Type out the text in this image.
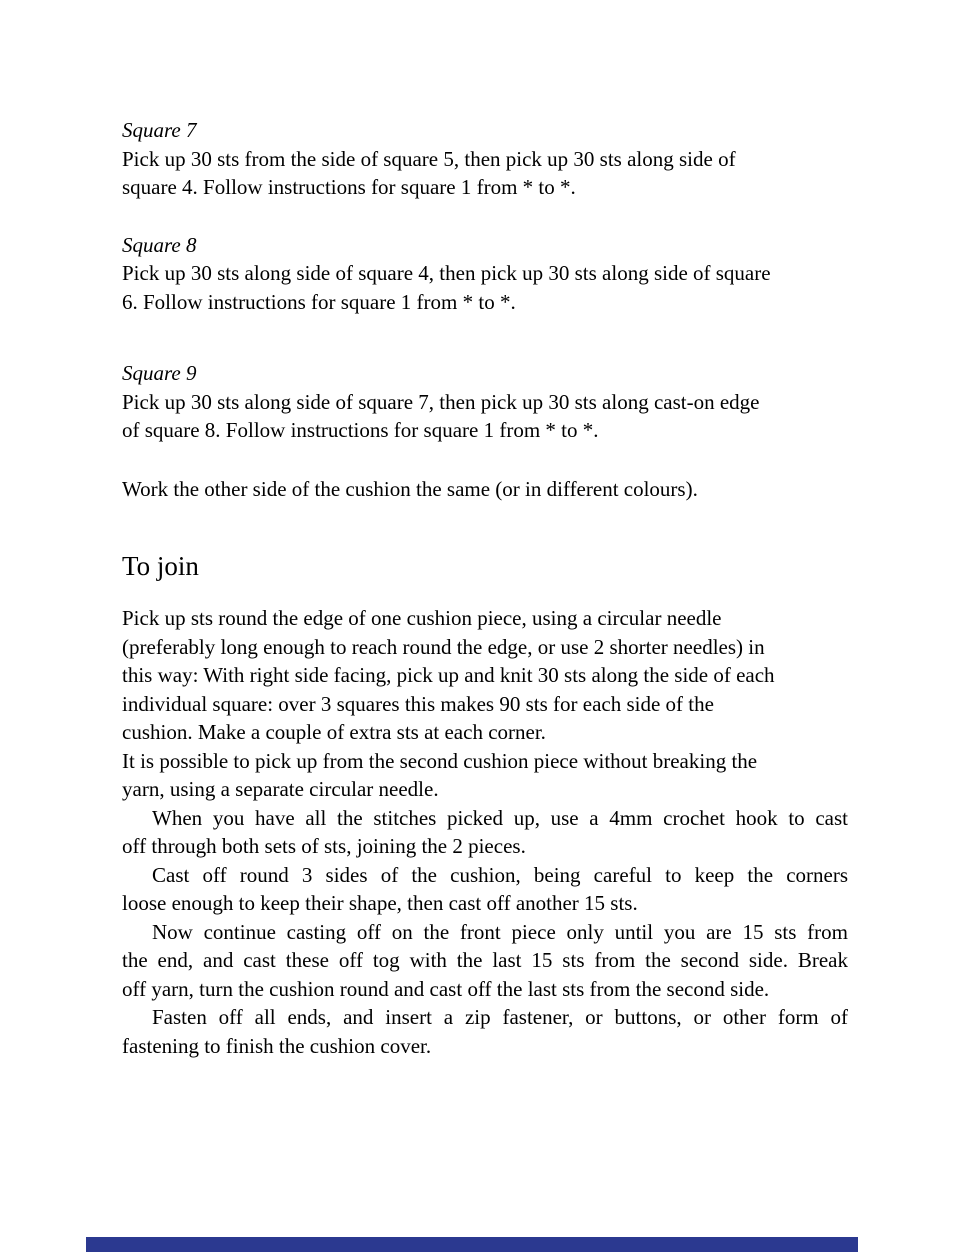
Square 7
Pick up 30 sts from the side of square 5, then pick up 30 sts along side of
square 4. Follow instructions for square 1 from * to *.
Square 8
Pick up 30 sts along side of square 4, then pick up 30 sts along side of square
6. Follow instructions for square 1 from * to *.
Square 9
Pick up 30 sts along side of square 7, then pick up 30 sts along cast-on edge
of square 8. Follow instructions for square 1 from * to *.
Work the other side of the cushion the same (or in different colours).
To join
Pick up sts round the edge of one cushion piece, using a circular needle
(preferably long enough to reach round the edge, or use 2 shorter needles) in
this way: With right side facing, pick up and knit 30 sts along the side of each
individual square: over 3 squares this makes 90 sts for each side of the
cushion. Make a couple of extra sts at each corner.
It is possible to pick up from the second cushion piece without breaking the
yarn, using a separate circular needle.
When you have all the stitches picked up, use a 4mm crochet hook to cast
off through both sets of sts, joining the 2 pieces.
Cast off round 3 sides of the cushion, being careful to keep the corners
loose enough to keep their shape, then cast off another 15 sts.
Now continue casting off on the front piece only until you are 15 sts from
the end, and cast these off tog with the last 15 sts from the second side. Break
off yarn, turn the cushion round and cast off the last sts from the second side.
Fasten off all ends, and insert a zip fastener, or buttons, or other form of
fastening to finish the cushion cover.
